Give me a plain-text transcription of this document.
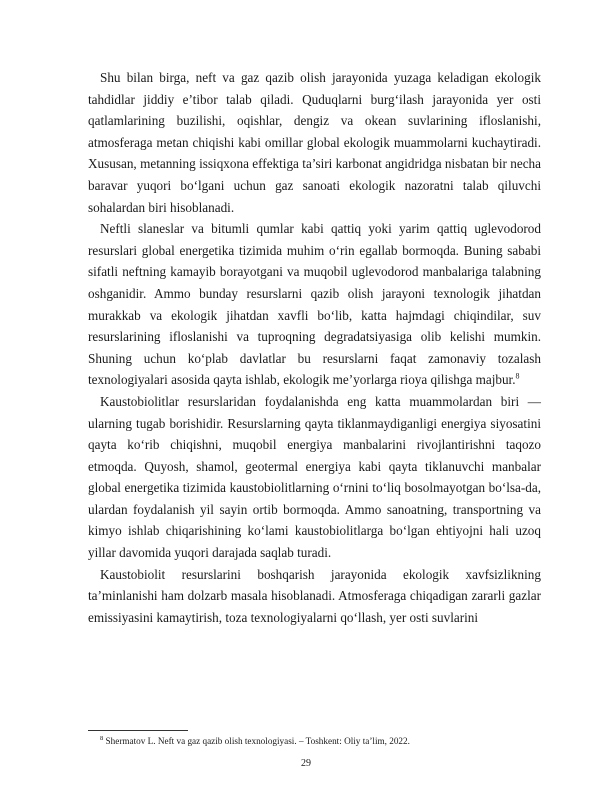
Shu bilan birga, neft va gaz qazib olish jarayonida yuzaga keladigan ekologik tahdidlar jiddiy e’tibor talab qiladi. Quduqlarni burg‘ilash jarayonida yer osti qatlamlarining buzilishi, oqishlar, dengiz va okean suvlarining ifloslanishi, atmosferaga metan chiqishi kabi omillar global ekologik muammolarni kuchaytiradi. Xususan, metanning issiqxona effektiga ta’siri karbonat angidridga nisbatan bir necha baravar yuqori bo‘lgani uchun gaz sanoati ekologik nazoratni talab qiluvchi sohalardan biri hisoblanadi.

Neftli slaneslar va bitumli qumlar kabi qattiq yoki yarim qattiq uglevodorod resurslari global energetika tizimida muhim o‘rin egallab bormoqda. Buning sababi sifatli neftning kamayib borayotgani va muqobil uglevodorod manbalariga talabning oshganidir. Ammo bunday resurslarni qazib olish jarayoni texnologik jihatdan murakkab va ekologik jihatdan xavfli bo‘lib, katta hajmdagi chiqindilar, suv resurslarining ifloslanishi va tuproqning degradatsiyasiga olib kelishi mumkin. Shuning uchun ko‘plab davlatlar bu resurslarni faqat zamonaviy tozalash texnologiyalari asosida qayta ishlab, ekologik me’yorlarga rioya qilishga majbur.$^8$

Kaustobiolitlar resurslaridan foydalanishda eng katta muammolardan biri — ularning tugab borishidir. Resurslarning qayta tiklanmaydiganligi energiya siyosatini qayta ko‘rib chiqishni, muqobil energiya manbalarini rivojlantirishni taqozo etmoqda. Quyosh, shamol, geotermal energiya kabi qayta tiklanuvchi manbalar global energetika tizimida kaustobiolitlarning o‘rnini to‘liq bosolmayotgan bo‘lsa-da, ulardan foydalanish yil sayin ortib bormoqda. Ammo sanoatning, transportning va kimyo ishlab chiqarishining ko‘lami kaustobiolitlarga bo‘lgan ehtiyojni hali uzoq yillar davomida yuqori darajada saqlab turadi.

Kaustobiolit resurslarini boshqarish jarayonida ekologik xavfsizlikning ta’minlanishi ham dolzarb masala hisoblanadi. Atmosferaga chiqadigan zararli gazlar emissiyasini kamaytirish, toza texnologiyalarni qo‘llash, yer osti suvlarini

$^8$ Shermatov L. Neft va gaz qazib olish texnologiyasi. – Toshkent: Oliy ta’lim, 2022.
29
